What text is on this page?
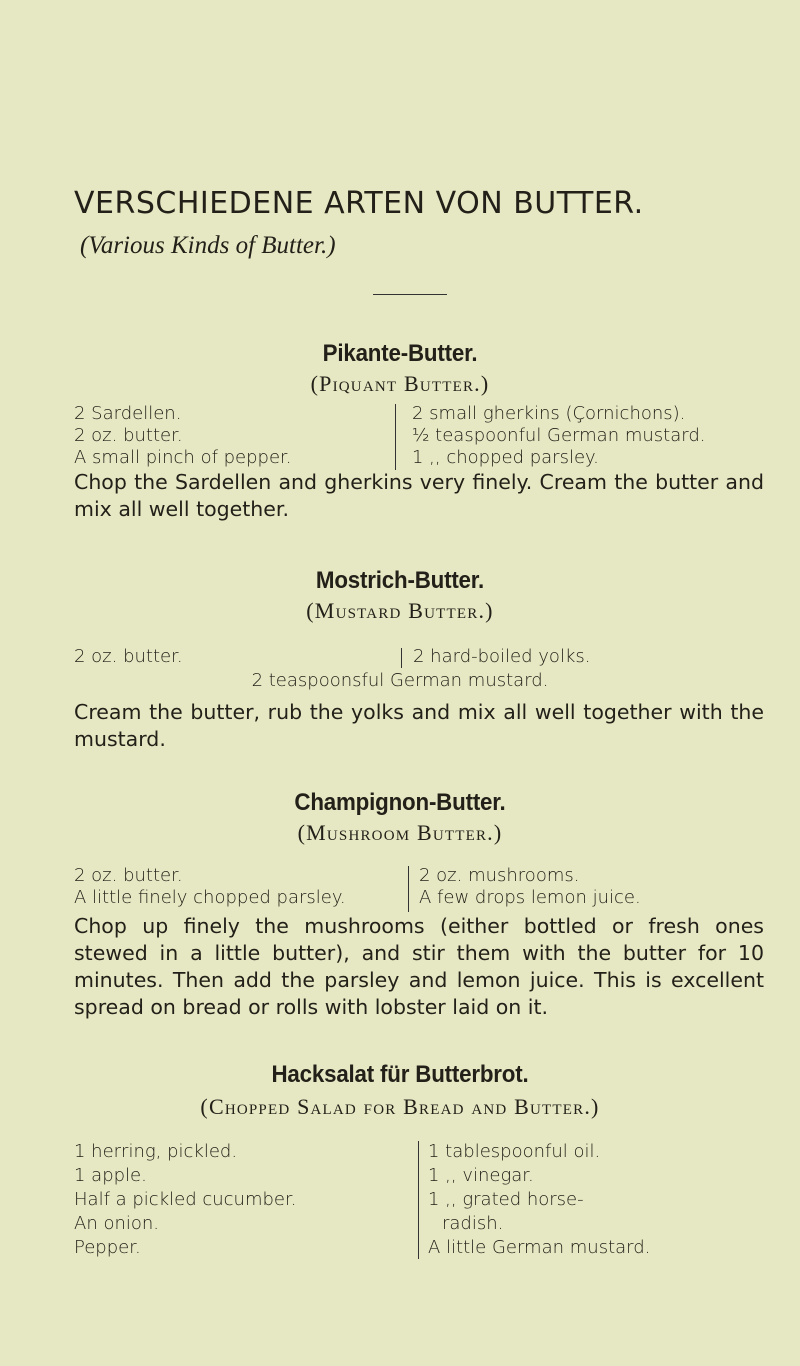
VERSCHIEDENE ARTEN VON BUTTER.
(Various Kinds of Butter.)
Pikante-Butter.
(Piquant Butter.)
2 Sardellen.
2 oz. butter.
A small pinch of pepper.
2 small gherkins (Çornichons).
½ teaspoonful German mustard.
1 ,, chopped parsley.
Chop the Sardellen and gherkins very finely. Cream the butter and mix all well together.
Mostrich-Butter.
(Mustard Butter.)
2 oz. butter.	2 hard-boiled yolks.
2 teaspoonsful German mustard.
Cream the butter, rub the yolks and mix all well together with the mustard.
Champignon-Butter.
(Mushroom Butter.)
2 oz. butter.
A little finely chopped parsley.
2 oz. mushrooms.
A few drops lemon juice.
Chop up finely the mushrooms (either bottled or fresh ones stewed in a little butter), and stir them with the butter for 10 minutes. Then add the parsley and lemon juice. This is excellent spread on bread or rolls with lobster laid on it.
Hacksalat für Butterbrot.
(Chopped Salad for Bread and Butter.)
1 herring, pickled.
1 apple.
Half a pickled cucumber.
An onion.
Pepper.
1 tablespoonful oil.
1 ,, vinegar.
1 ,, grated horse-
radish.
A little German mustard.
